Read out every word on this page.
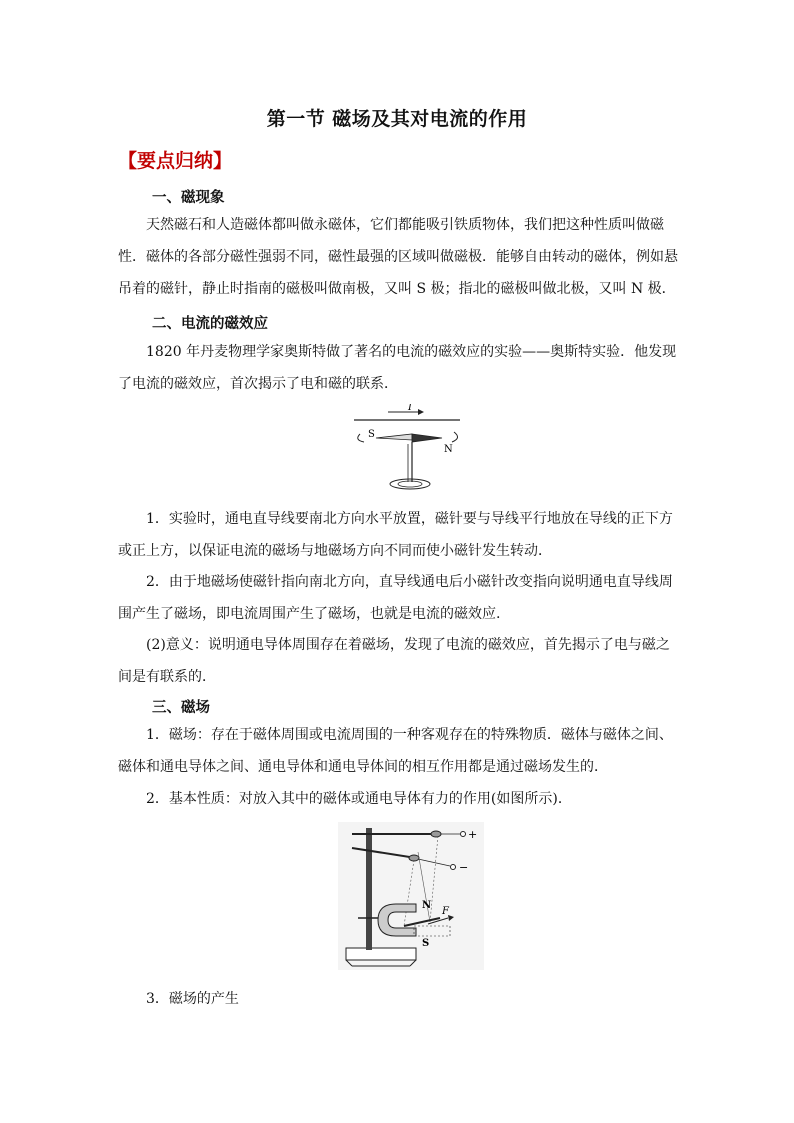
第一节 磁场及其对电流的作用
【要点归纳】
一、磁现象
天然磁石和人造磁体都叫做永磁体，它们都能吸引铁质物体，我们把这种性质叫做磁性．磁体的各部分磁性强弱不同，磁性最强的区域叫做磁极．能够自由转动的磁体，例如悬吊着的磁针，静止时指南的磁极叫做南极，又叫 S 极；指北的磁极叫做北极，又叫 N 极．
二、电流的磁效应
1820 年丹麦物理学家奥斯特做了著名的电流的磁效应的实验——奥斯特实验．他发现了电流的磁效应，首次揭示了电和磁的联系．
I
S
N
1．实验时，通电直导线要南北方向水平放置，磁针要与导线平行地放在导线的正下方或正上方，以保证电流的磁场与地磁场方向不同而使小磁针发生转动．
2．由于地磁场使磁针指向南北方向，直导线通电后小磁针改变指向说明通电直导线周围产生了磁场，即电流周围产生了磁场，也就是电流的磁效应.
(2)意义：说明通电导体周围存在着磁场，发现了电流的磁效应，首先揭示了电与磁之间是有联系的．
三、磁场
1．磁场：存在于磁体周围或电流周围的一种客观存在的特殊物质．磁体与磁体之间、磁体和通电导体之间、通电导体和通电导体间的相互作用都是通过磁场发生的．
2．基本性质：对放入其中的磁体或通电导体有力的作用(如图所示)．
+
−
N
F
S
3．磁场的产生
